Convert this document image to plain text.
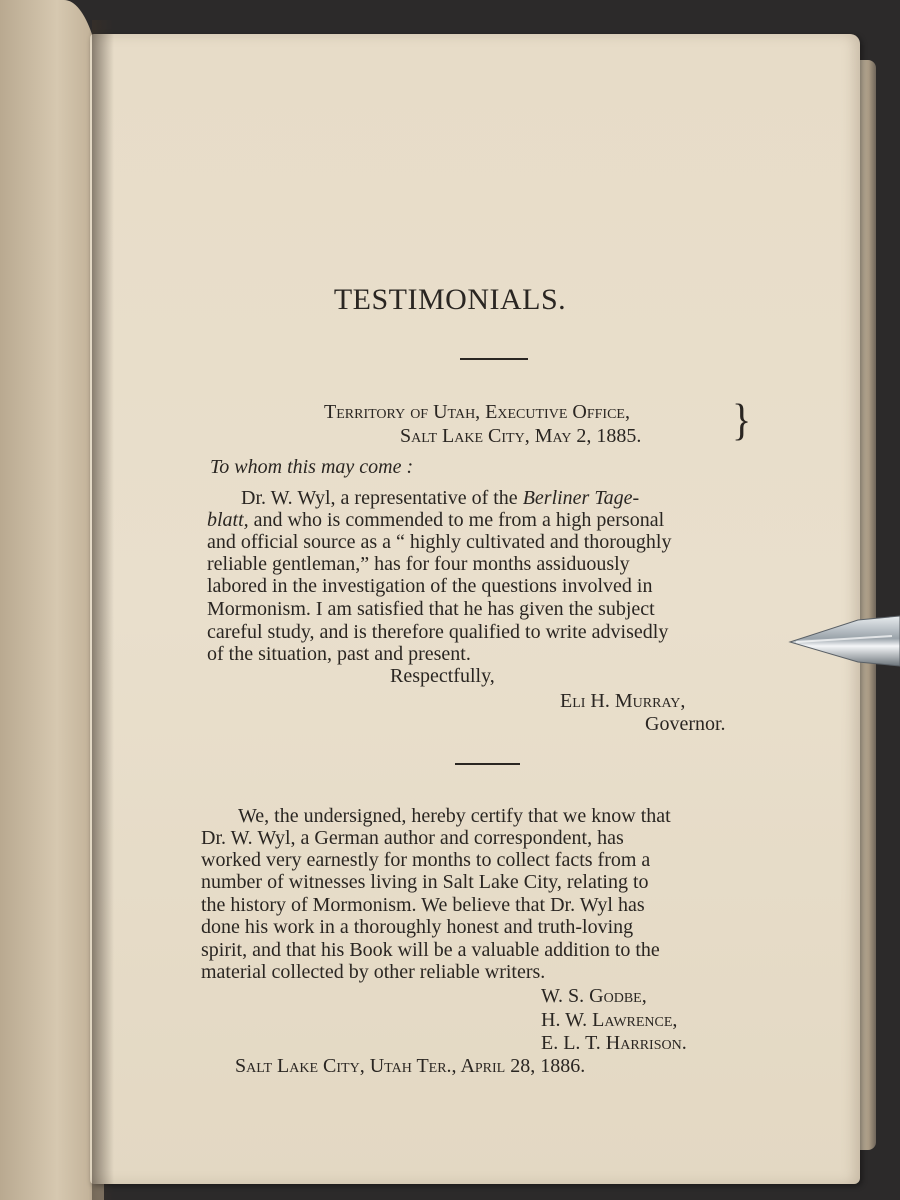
TESTIMONIALS.
Territory of Utah, Executive Office,
Salt Lake City, May 2, 1885. }
To whom this may come :
Dr. W. Wyl, a representative of the Berliner Tage-
blatt, and who is commended to me from a high personal
and official source as a “ highly cultivated and thoroughly
reliable gentleman,” has for four months assiduously
labored in the investigation of the questions involved in
Mormonism. I am satisfied that he has given the subject
careful study, and is therefore qualified to write advisedly
of the situation, past and present.
Respectfully,
Eli H. Murray,
Governor.
We, the undersigned, hereby certify that we know that
Dr. W. Wyl, a German author and correspondent, has
worked very earnestly for months to collect facts from a
number of witnesses living in Salt Lake City, relating to
the history of Mormonism. We believe that Dr. Wyl has
done his work in a thoroughly honest and truth-loving
spirit, and that his Book will be a valuable addition to the
material collected by other reliable writers.
W. S. Godbe,
H. W. Lawrence,
E. L. T. Harrison.
Salt Lake City, Utah Ter., April 28, 1886.
